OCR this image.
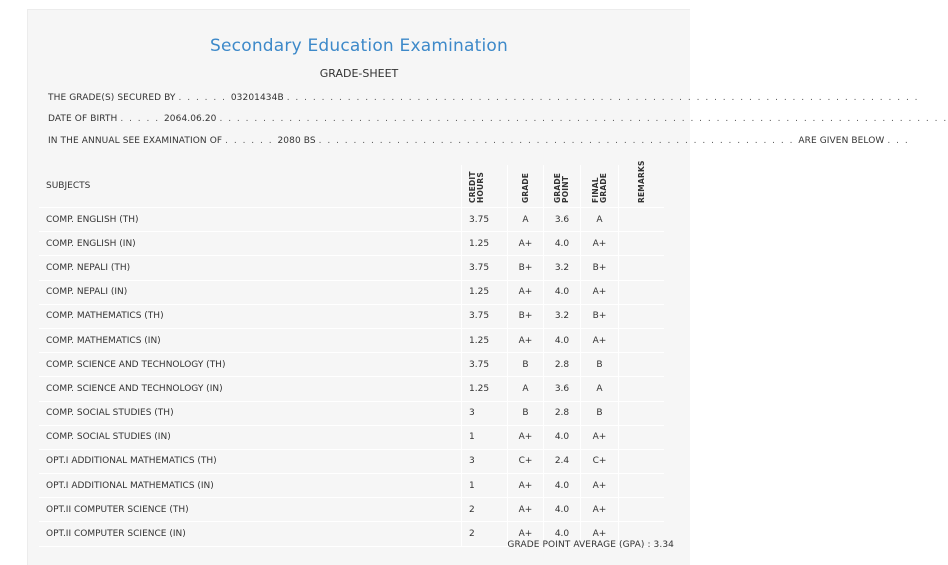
Secondary Education Examination
GRADE-SHEET
THE GRADE(S) SECURED BY . . . . . . 03201434B . . . . . . . . . . . . . . . . . . . . . . . . . . . . . . . . . . . . . . . . . . . . . . . . . . . . . . . . . . . . . . . . . . . . . . . . .
DATE OF BIRTH . . . . . 2064.06.20 . . . . . . . . . . . . . . . . . . . . . . . . . . . . . . . . . . . . . . . . . . . . . . . . . . . . . . . . . . . . . . . . . . . . . . . . . . . . . . . . . . . .
IN THE ANNUAL SEE EXAMINATION OF . . . . . . 2080 BS . . . . . . . . . . . . . . . . . . . . . . . . . . . . . . . . . . . . . . . . . . . . . . . . . . . . . . . ARE GIVEN BELOW . . .
SUBJECTS	CREDIT HOURS	GRADE	GRADE POINT	FINAL GRADE	REMARKS
COMP. ENGLISH (TH)	3.75	A	3.6	A	
COMP. ENGLISH (IN)	1.25	A+	4.0	A+	
COMP. NEPALI (TH)	3.75	B+	3.2	B+	
COMP. NEPALI (IN)	1.25	A+	4.0	A+	
COMP. MATHEMATICS (TH)	3.75	B+	3.2	B+	
COMP. MATHEMATICS (IN)	1.25	A+	4.0	A+	
COMP. SCIENCE AND TECHNOLOGY (TH)	3.75	B	2.8	B	
COMP. SCIENCE AND TECHNOLOGY (IN)	1.25	A	3.6	A	
COMP. SOCIAL STUDIES (TH)	3	B	2.8	B	
COMP. SOCIAL STUDIES (IN)	1	A+	4.0	A+	
OPT.I ADDITIONAL MATHEMATICS (TH)	3	C+	2.4	C+	
OPT.I ADDITIONAL MATHEMATICS (IN)	1	A+	4.0	A+	
OPT.II COMPUTER SCIENCE (TH)	2	A+	4.0	A+	
OPT.II COMPUTER SCIENCE (IN)	2	A+	4.0	A+	
GRADE POINT AVERAGE (GPA) : 3.34
